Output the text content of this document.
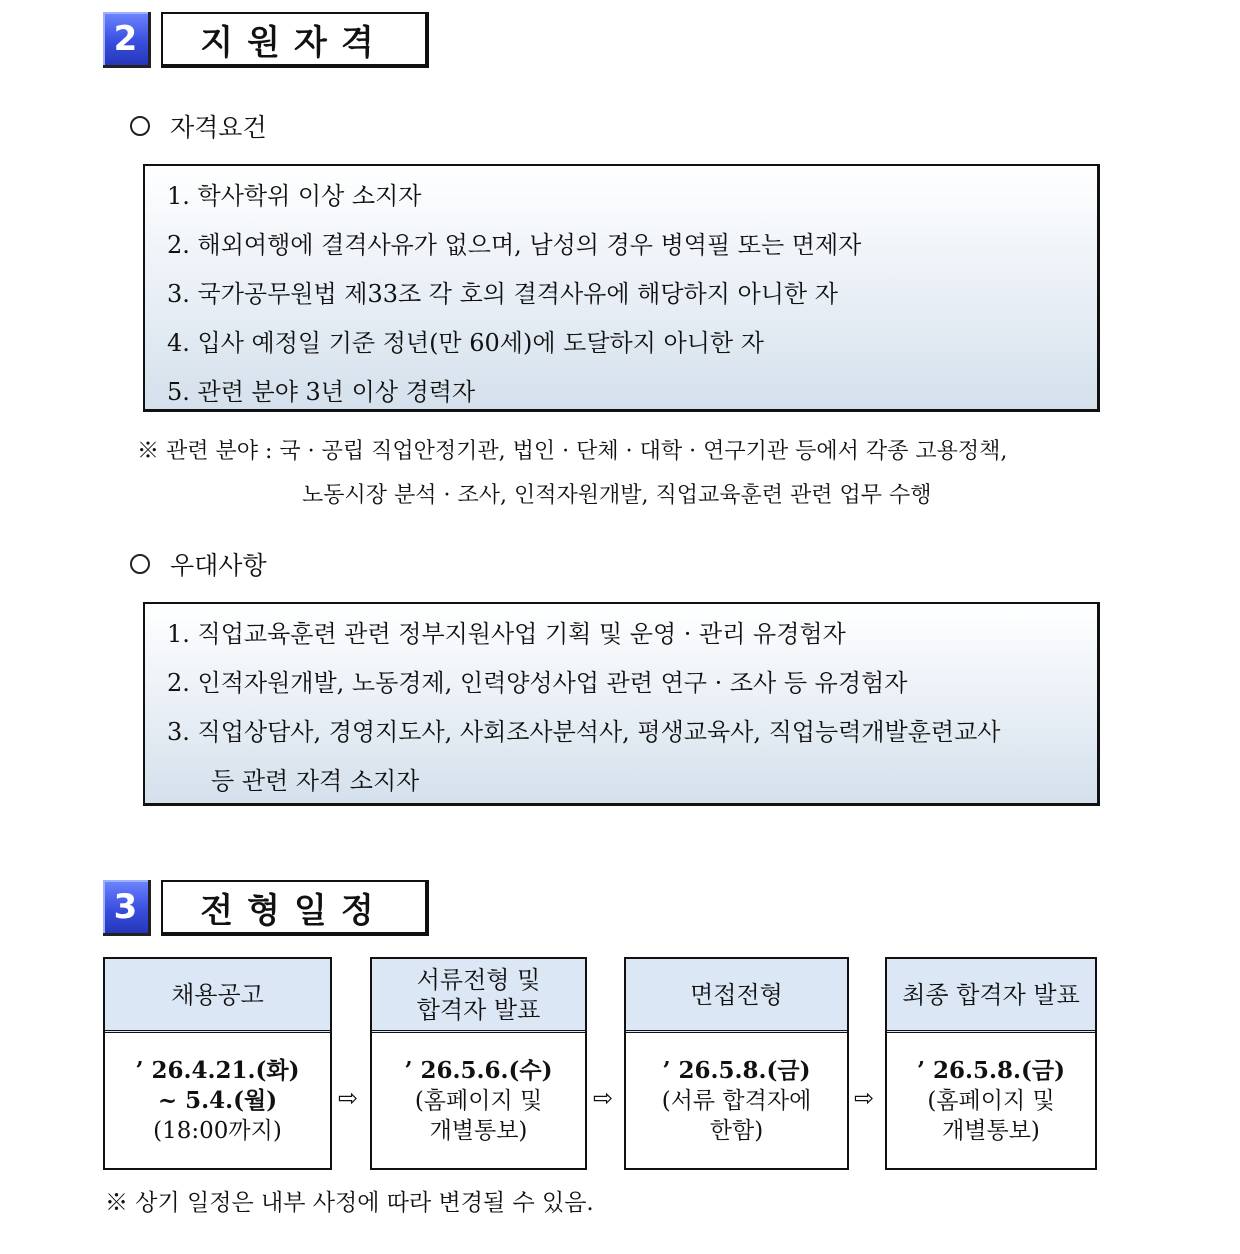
2	지원자격
자격요건
1. 학사학위 이상 소지자
2. 해외여행에 결격사유가 없으며, 남성의 경우 병역필 또는 면제자
3. 국가공무원법 제33조 각 호의 결격사유에 해당하지 아니한 자
4. 입사 예정일 기준 정년(만 60세)에 도달하지 아니한 자
5. 관련 분야 3년 이상 경력자
※ 관련 분야 : 국 · 공립 직업안정기관, 법인 · 단체 · 대학 · 연구기관 등에서 각종 고용정책,
노동시장 분석 · 조사, 인적자원개발, 직업교육훈련 관련 업무 수행
우대사항
1. 직업교육훈련 관련 정부지원사업 기획 및 운영 · 관리 유경험자
2. 인적자원개발, 노동경제, 인력양성사업 관련 연구 · 조사 등 유경험자
3. 직업상담사, 경영지도사, 사회조사분석사, 평생교육사, 직업능력개발훈련교사
등 관련 자격 소지자
3	전형일정
채용공고
’ 26.4.21.(화)
~ 5.4.(월)
(18:00까지)
⇨
서류전형 및
합격자 발표
’ 26.5.6.(수)
(홈페이지 및
개별통보)
⇨
면접전형
’ 26.5.8.(금)
(서류 합격자에
한함)
⇨
최종 합격자 발표
’ 26.5.8.(금)
(홈페이지 및
개별통보)
※ 상기 일정은 내부 사정에 따라 변경될 수 있음.
